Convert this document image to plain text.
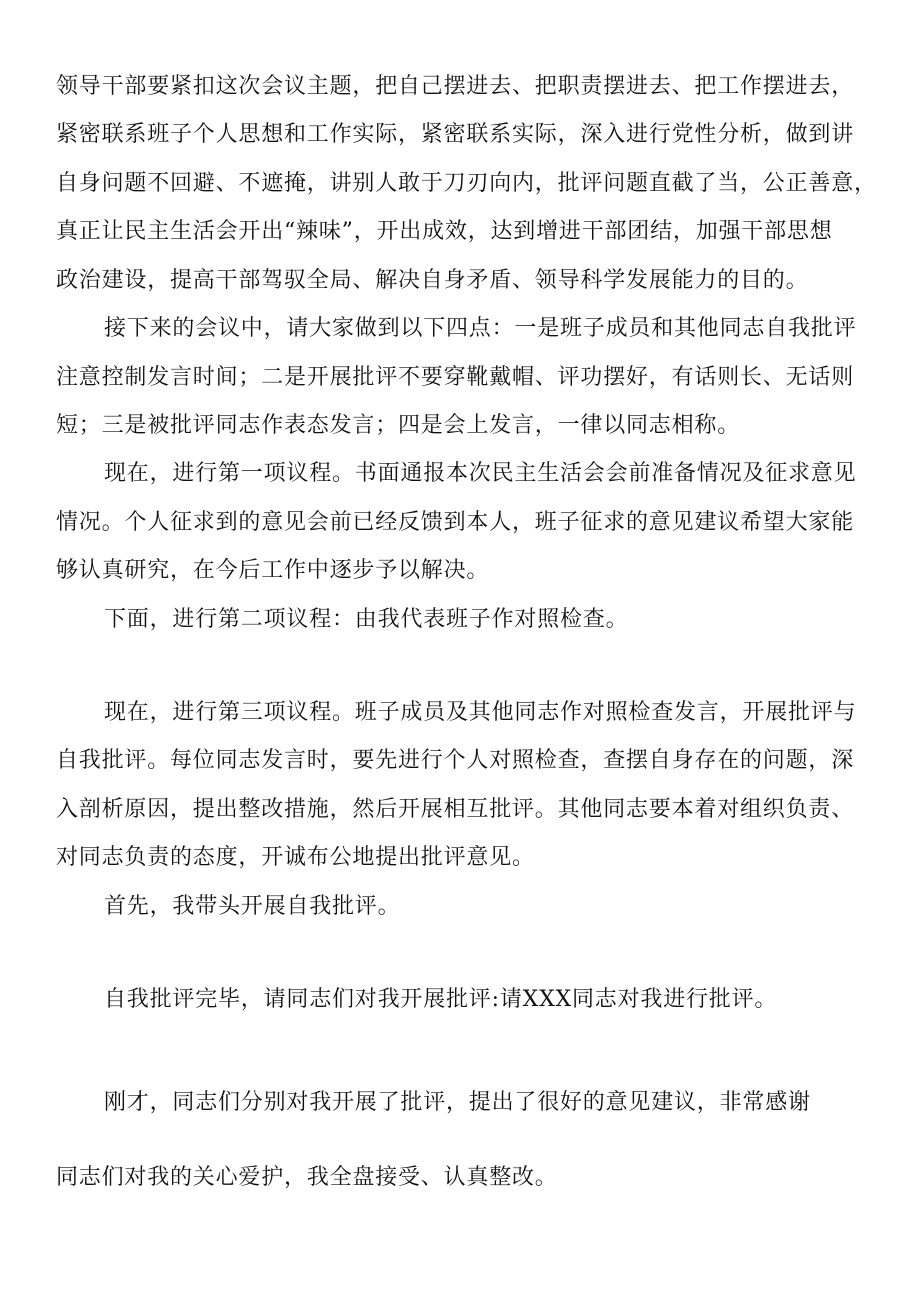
领导干部要紧扣这次会议主题，把自己摆进去、把职责摆进去、把工作摆进去，
紧密联系班子个人思想和工作实际，紧密联系实际，深入进行党性分析，做到讲
自身问题不回避、不遮掩，讲别人敢于刀刃向内，批评问题直截了当，公正善意，
真正让民主生活会开出“辣味”，开出成效，达到增进干部团结，加强干部思想
政治建设，提高干部驾驭全局、解决自身矛盾、领导科学发展能力的目的。
接下来的会议中，请大家做到以下四点：一是班子成员和其他同志自我批评
注意控制发言时间；二是开展批评不要穿靴戴帽、评功摆好，有话则长、无话则
短；三是被批评同志作表态发言；四是会上发言，一律以同志相称。
现在，进行第一项议程。书面通报本次民主生活会会前准备情况及征求意见
情况。个人征求到的意见会前已经反馈到本人，班子征求的意见建议希望大家能
够认真研究，在今后工作中逐步予以解决。
下面，进行第二项议程：由我代表班子作对照检查。
现在，进行第三项议程。班子成员及其他同志作对照检查发言，开展批评与
自我批评。每位同志发言时，要先进行个人对照检查，查摆自身存在的问题，深
入剖析原因，提出整改措施，然后开展相互批评。其他同志要本着对组织负责、
对同志负责的态度，开诚布公地提出批评意见。
首先，我带头开展自我批评。
自我批评完毕，请同志们对我开展批评:请XXX同志对我进行批评。
刚才，同志们分别对我开展了批评，提出了很好的意见建议，非常感谢
同志们对我的关心爱护，我全盘接受、认真整改。
